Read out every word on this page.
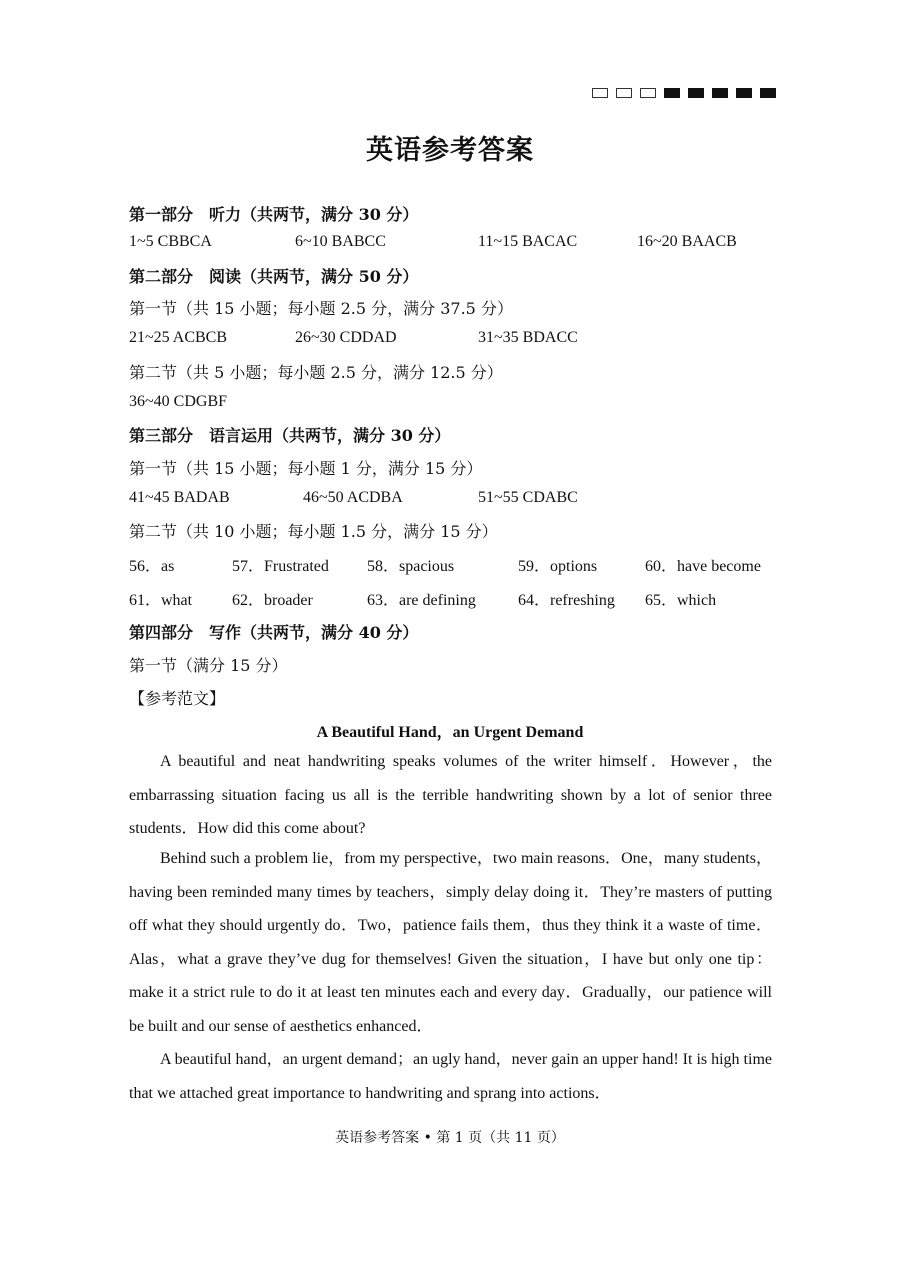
英语参考答案
第一部分　听力（共两节，满分 30 分）
1~5 CBBCA	6~10 BABCC	11~15 BACAC	16~20 BAACB
第二部分　阅读（共两节，满分 50 分）
第一节（共 15 小题；每小题 2.5 分，满分 37.5 分）
21~25 ACBCB	26~30 CDDAD	31~35 BDACC
第二节（共 5 小题；每小题 2.5 分，满分 12.5 分）
36~40 CDGBF
第三部分　语言运用（共两节，满分 30 分）
第一节（共 15 小题；每小题 1 分，满分 15 分）
41~45 BADAB	46~50 ACDBA	51~55 CDABC
第二节（共 10 小题；每小题 1.5 分，满分 15 分）
56．as	57．Frustrated 58．spacious	59．options	60．have become
61．what 62．broader	63．are defining	64．refreshing 65．which
第四部分　写作（共两节，满分 40 分）
第一节（满分 15 分）
【参考范文】
A Beautiful Hand，an Urgent Demand
A beautiful and neat handwriting speaks volumes of the writer himself．However，the embarrassing situation facing us all is the terrible handwriting shown by a lot of senior three students．How did this come about?
Behind such a problem lie，from my perspective，two main reasons．One，many students，having been reminded many times by teachers，simply delay doing it．They’re masters of putting off what they should urgently do．Two，patience fails them，thus they think it a waste of time．Alas，what a grave they’ve dug for themselves! Given the situation，I have but only one tip：make it a strict rule to do it at least ten minutes each and every day．Gradually，our patience will be built and our sense of aesthetics enhanced．
A beautiful hand，an urgent demand；an ugly hand，never gain an upper hand! It is high time that we attached great importance to handwriting and sprang into actions．
英语参考答案 • 第 1 页（共 11 页）
